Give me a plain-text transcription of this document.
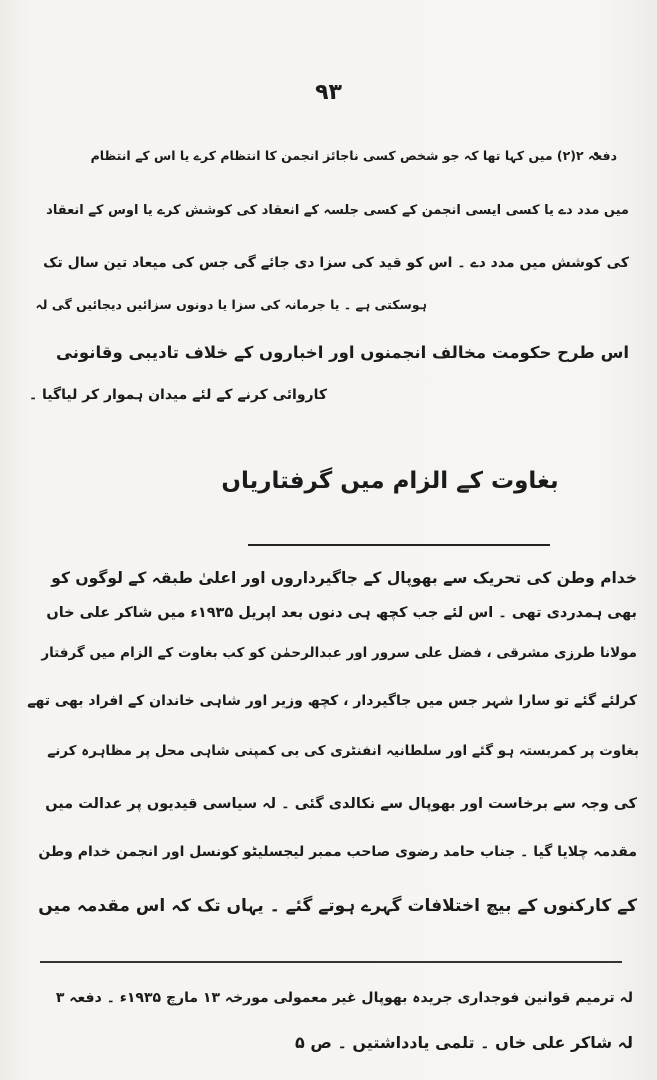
۹۳
دفعہ ۲(۲) میں کہا تھا کہ جو شخص کسی ناجائز انجمن کا انتظام کرے یا اس کے انتظام
میں مدد دے یا کسی ایسی انجمن کے کسی جلسہ کے انعقاد کی کوشش کرے یا اوس کے انعقاد
کی کوشش میں مدد دے ۔ اس کو قید کی سزا دی جائے گی جس کی میعاد تین سال تک
ہوسکتی ہے ۔ یا جرمانہ کی سزا یا دونوں سزائیں دیجائیں گی لہ
اس طرح حکومت مخالف انجمنوں اور اخباروں کے خلاف تادیبی وقانونی
کاروائی کرنے کے لئے میدان ہموار کر لیاگیا ۔
بغاوت کے الزام میں گرفتاریاں
خدام وطن کی تحریک سے بھوپال کے جاگیرداروں اور اعلیٰ طبقہ کے لوگوں کو
بھی ہمدردی تھی ۔ اس لئے جب کچھ ہی دنوں بعد اپریل ۱۹۳۵ء میں شاکر علی خاں
مولانا طرزی مشرقی ، فضل علی سرور اور عبدالرحمٰن کو کب بغاوت کے الزام میں گرفتار
کرلئے گئے تو سارا شہر جس میں جاگیردار ، کچھ وزیر اور شاہی خاندان کے افراد بھی تھے
بغاوت پر کمربستہ ہو گئے اور سلطانیہ انفنٹری کی بی کمپنی شاہی محل پر مظاہرہ کرنے
کی وجہ سے برخاست اور بھوپال سے نکالدی گئی ۔ لہ سیاسی قیدیوں پر عدالت میں
مقدمہ چلایا گیا ۔ جناب حامد رضوی صاحب ممبر لیجسلیٹو کونسل اور انجمن خدام وطن
کے کارکنوں کے بیچ اختلافات گہرے ہوتے گئے ۔ یہاں تک کہ اس مقدمہ میں
لہ ترمیم قوانین فوجداری جریدہ بھوپال غیر معمولی مورخہ ۱۳ مارچ ۱۹۳۵ء ۔ دفعہ ۳
لہ شاکر علی خاں ۔ تلمی یادداشتیں ۔ ص ۵
